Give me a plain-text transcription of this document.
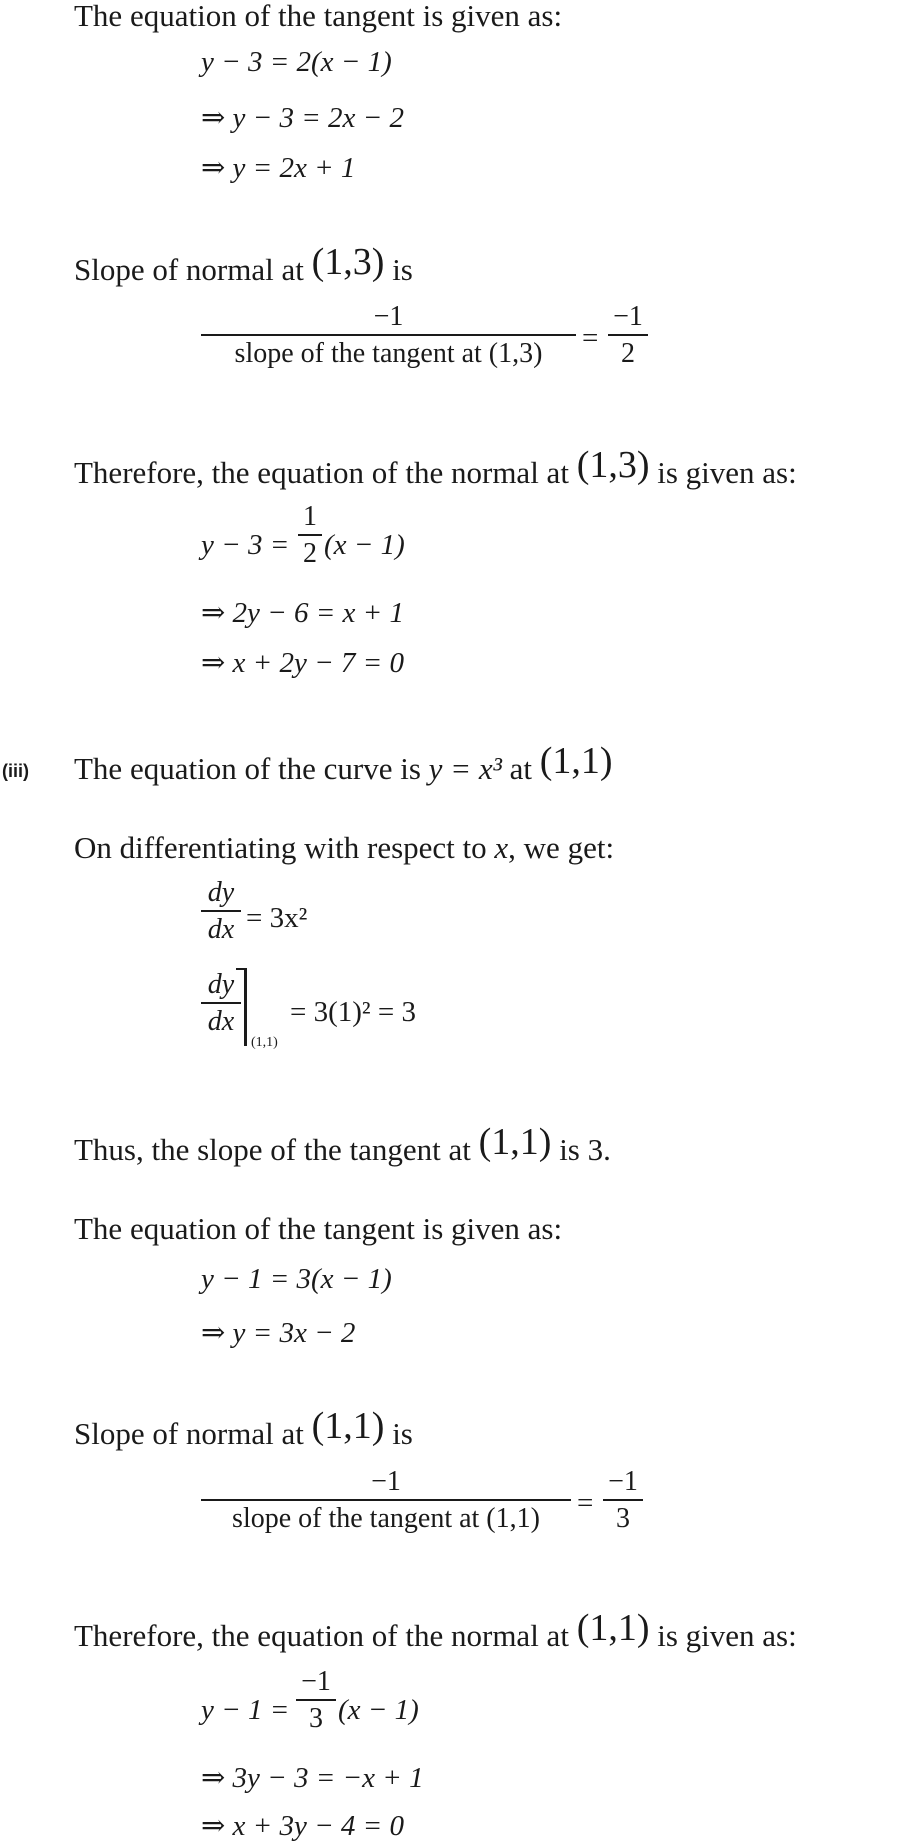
The equation of the tangent is given as:
y − 3 = 2(x − 1)
⇒ y − 3 = 2x − 2
⇒ y = 2x + 1
Slope of normal at (1,3) is
−1
slope of the tangent at (1,3)	=
−1
2
Therefore, the equation of the normal at (1,3) is given as:
y − 3 =
1
2 (x − 1)
⇒ 2y − 6 = x + 1
⇒ x + 2y − 7 = 0
(iii) The equation of the curve is y = x³ at (1,1)
On differentiating with respect to x, we get:
dy
dx = 3x²
dy
dx
(1,1)
= 3(1)² = 3
Thus, the slope of the tangent at (1,1) is 3.
The equation of the tangent is given as:
y − 1 = 3(x − 1)
⇒ y = 3x − 2
Slope of normal at (1,1) is
−1
slope of the tangent at (1,1)	=
−1
3
Therefore, the equation of the normal at (1,1) is given as:
y − 1 =
−1
3 (x − 1)
⇒ 3y − 3 = −x + 1
⇒ x + 3y − 4 = 0
